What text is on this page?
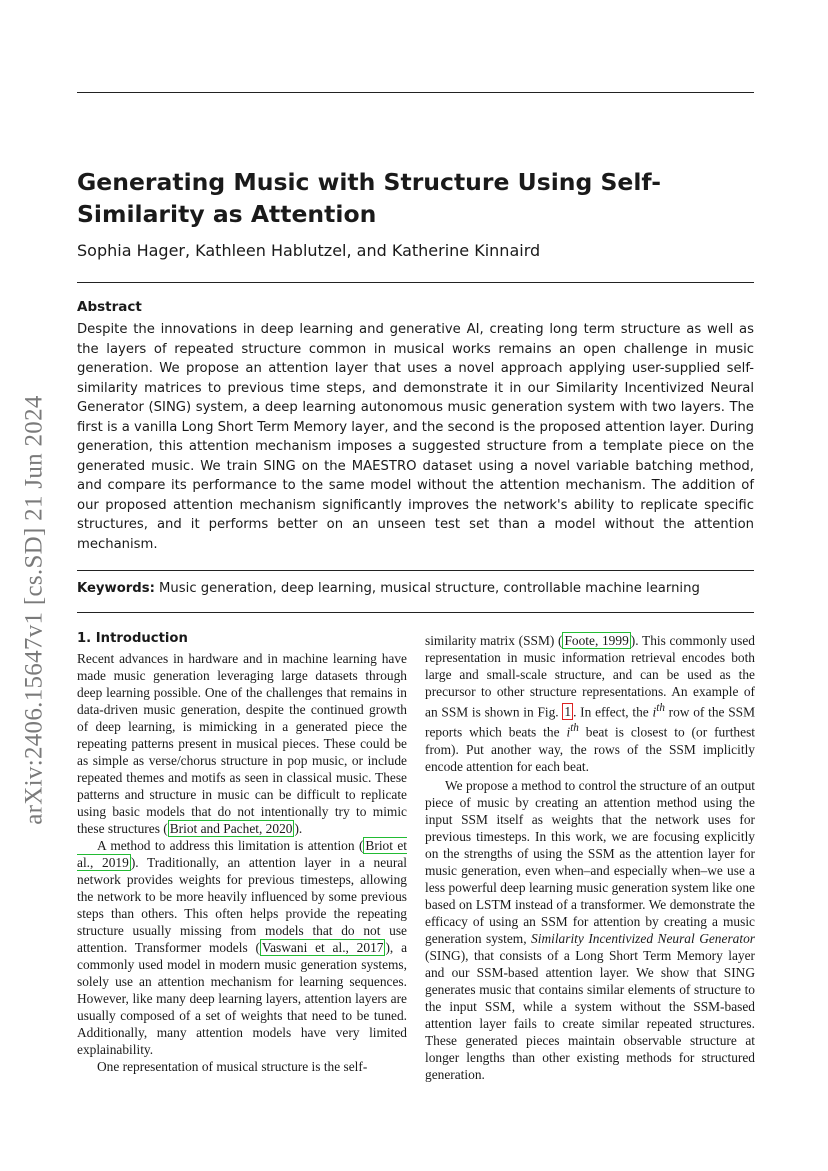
arXiv:2406.15647v1 [cs.SD] 21 Jun 2024
Generating Music with Structure Using Self-Similarity as Attention

Sophia Hager, Kathleen Hablutzel, and Katherine Kinnaird

Abstract

Despite the innovations in deep learning and generative AI, creating long term structure as well as the layers of repeated structure common in musical works remains an open challenge in music generation. We propose an attention layer that uses a novel approach applying user-supplied self-similarity matrices to previous time steps, and demonstrate it in our Similarity Incentivized Neural Generator (SING) system, a deep learning autonomous music generation system with two layers. The first is a vanilla Long Short Term Memory layer, and the second is the proposed attention layer. During generation, this attention mechanism imposes a suggested structure from a template piece on the generated music. We train SING on the MAESTRO dataset using a novel variable batching method, and compare its performance to the same model without the attention mechanism. The addition of our proposed attention mechanism significantly improves the network's ability to replicate specific structures, and it performs better on an unseen test set than a model without the attention mechanism.

Keywords: Music generation, deep learning, musical structure, controllable machine learning

1. Introduction

Recent advances in hardware and in machine learning have made music generation leveraging large datasets through deep learning possible. One of the challenges that remains in data-driven music generation, despite the continued growth of deep learning, is mimicking in a generated piece the repeating patterns present in musical pieces. These could be as simple as verse/chorus structure in pop music, or include repeated themes and motifs as seen in classical music. These patterns and structure in music can be difficult to replicate using basic models that do not intentionally try to mimic these structures ( Briot and Pachet, 2020 ).

A method to address this limitation is attention ( Briot et al., 2019 ). Traditionally, an attention layer in a neural network provides weights for previous timesteps, allowing the network to be more heavily influenced by some previous steps than others. This often helps provide the repeating structure usually missing from models that do not use attention. Transformer models ( Vaswani et al., 2017 ), a commonly used model in modern music generation systems, solely use an attention mechanism for learning sequences. However, like many deep learning layers, attention layers are usually composed of a set of weights that need to be tuned. Additionally, many attention models have very limited explainability.

One representation of musical structure is the self-

similarity matrix (SSM) ( Foote, 1999 ). This commonly used representation in music information retrieval encodes both large and small-scale structure, and can be used as the precursor to other structure representations. An example of an SSM is shown in Fig. 1 . In effect, the $i^{th}$ row of the SSM reports which beats the $i^{th}$ beat is closest to (or furthest from). Put another way, the rows of the SSM implicitly encode attention for each beat.

We propose a method to control the structure of an output piece of music by creating an attention method using the input SSM itself as weights that the network uses for previous timesteps. In this work, we are focusing explicitly on the strengths of using the SSM as the attention layer for music generation, even when–and especially when–we use a less powerful deep learning music generation system like one based on LSTM instead of a transformer. We demonstrate the efficacy of using an SSM for attention by creating a music generation system, Similarity Incentivized Neural Generator (SING), that consists of a Long Short Term Memory layer and our SSM-based attention layer. We show that SING generates music that contains similar elements of structure to the input SSM, while a system without the SSM-based attention layer fails to create similar repeated structures. These generated pieces maintain observable structure at longer lengths than other existing methods for structured generation.
